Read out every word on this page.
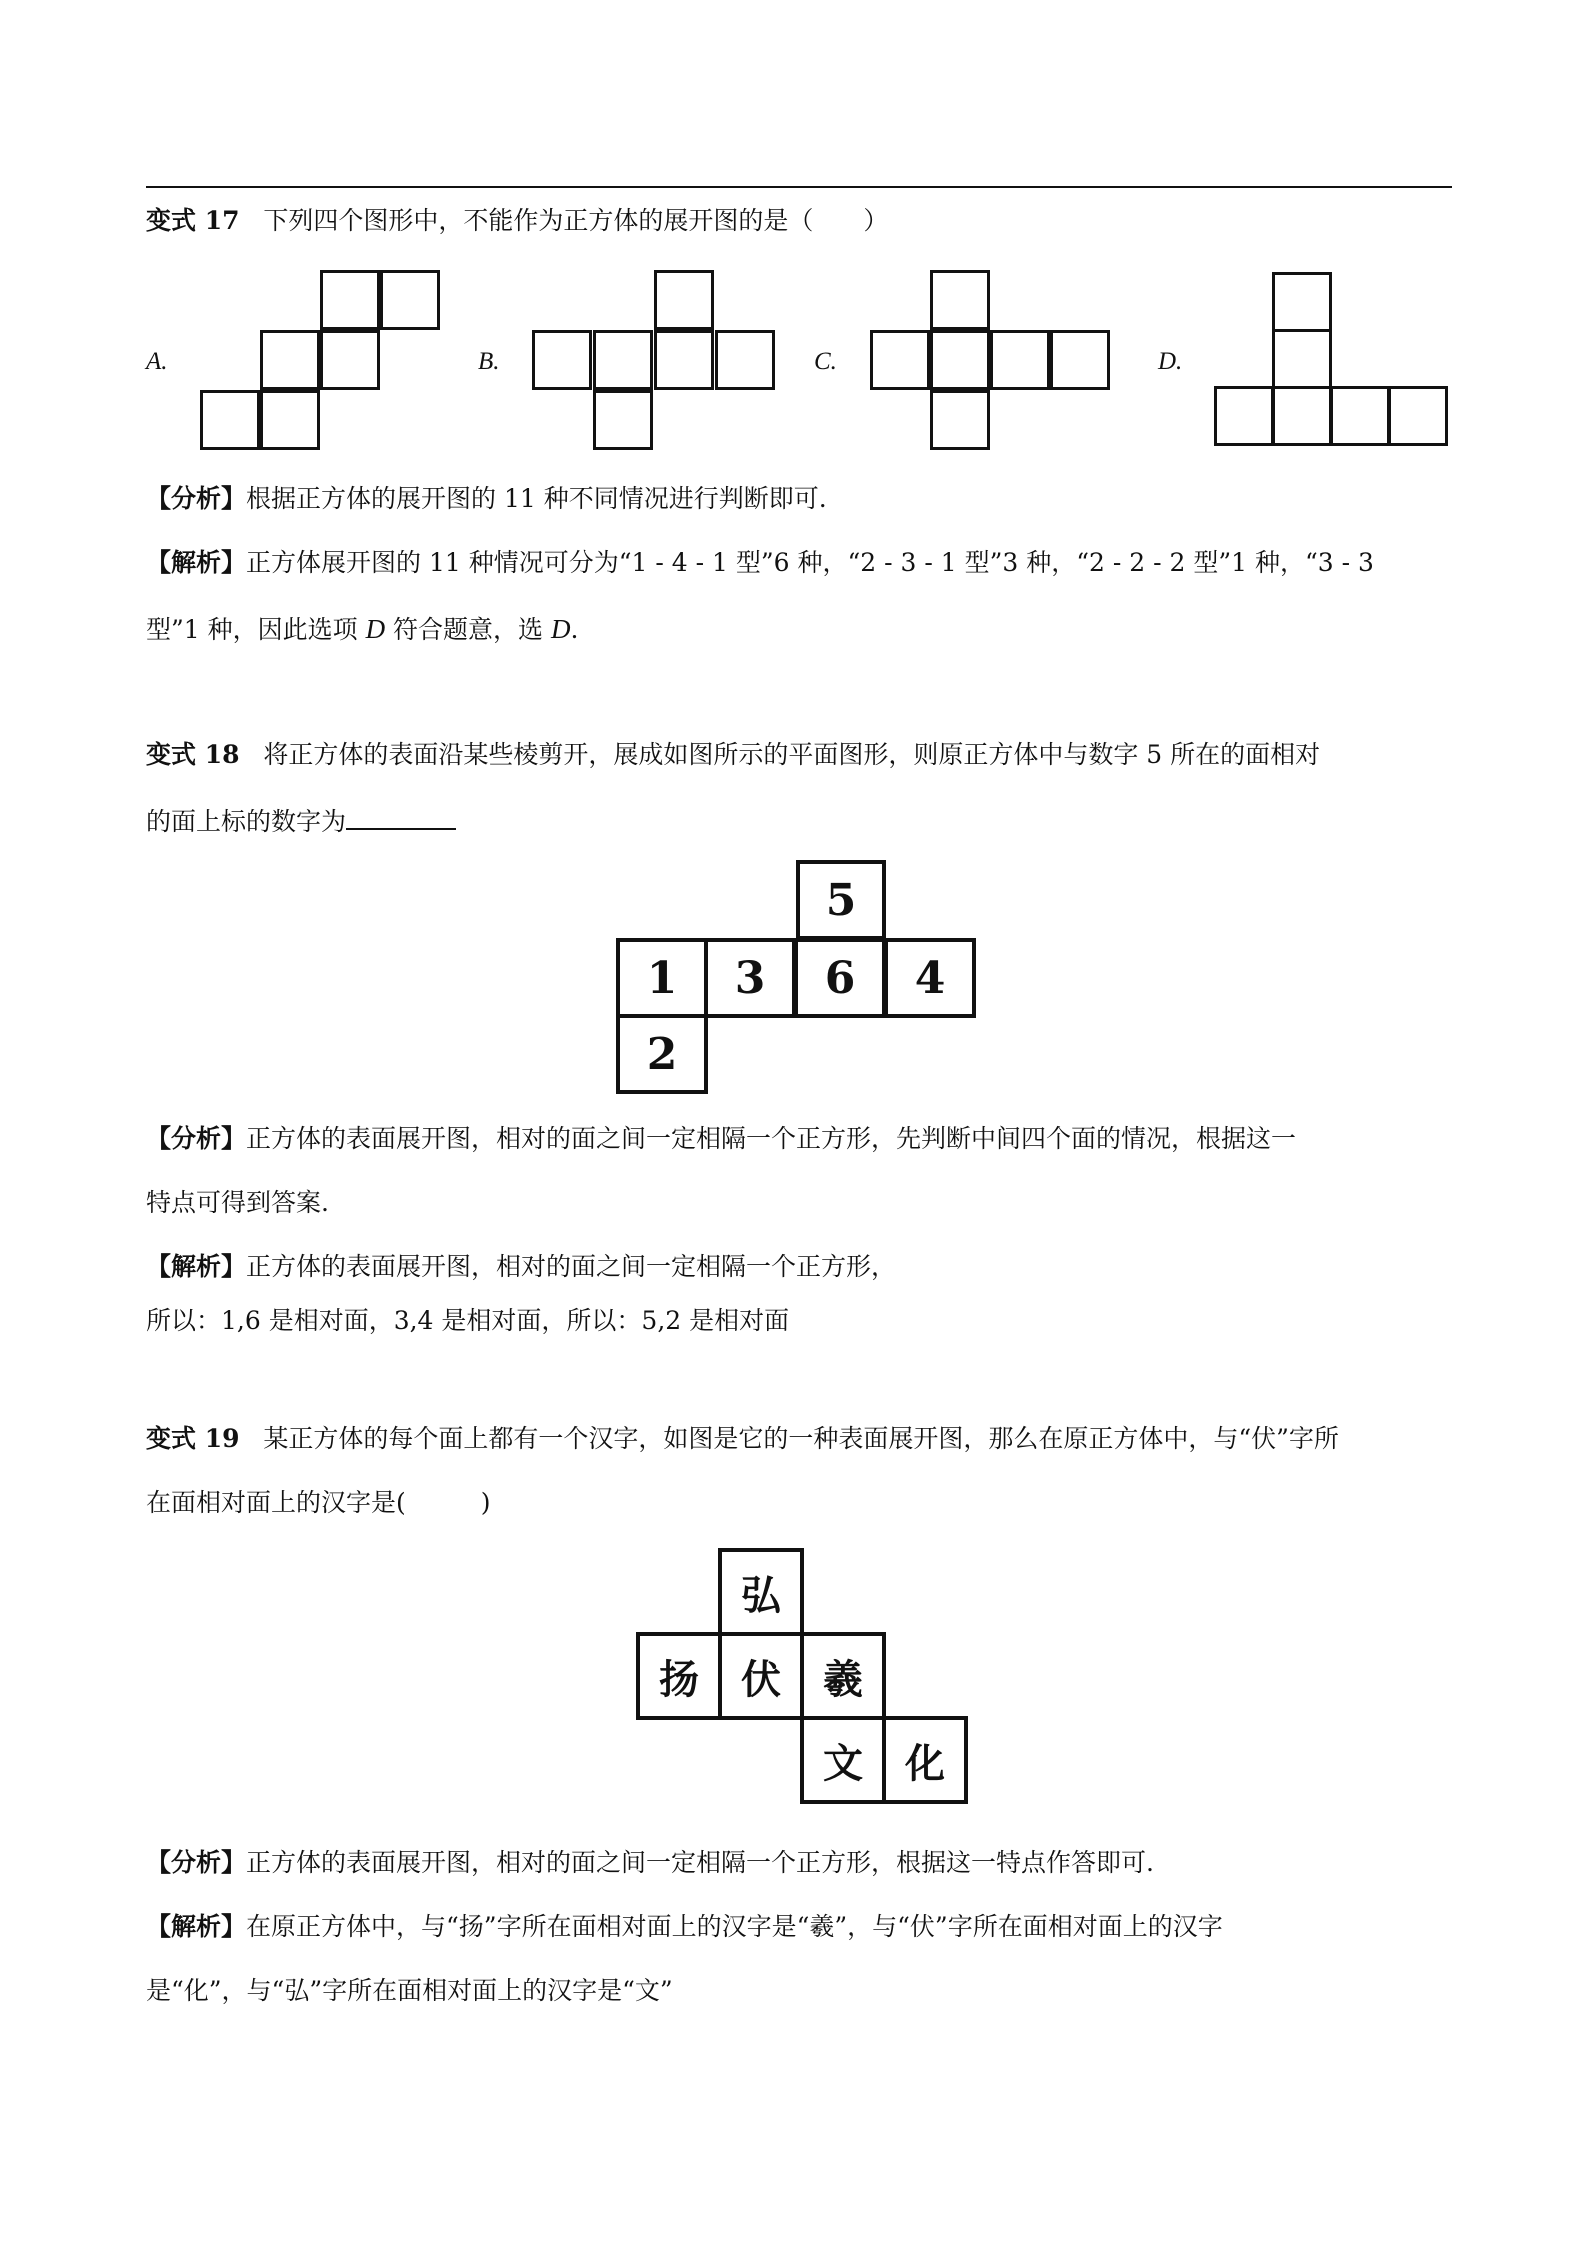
变式 17 下列四个图形中，不能作为正方体的展开图的是（　　）
A.	B.	C.	D.
【分析】根据正方体的展开图的 11 种不同情况进行判断即可.
【解析】正方体展开图的 11 种情况可分为“1 - 4 - 1 型”6 种，“2 - 3 - 1 型”3 种，“2 - 2 - 2 型”1 种，“3 - 3
型”1 种，因此选项 D 符合题意，选 D.
变式 18 将正方体的表面沿某些棱剪开，展成如图所示的平面图形，则原正方体中与数字 5 所在的面相对
的面上标的数字为
5
1	3	6	4
2
【分析】正方体的表面展开图，相对的面之间一定相隔一个正方形，先判断中间四个面的情况，根据这一
特点可得到答案.
【解析】正方体的表面展开图，相对的面之间一定相隔一个正方形，
所以：1,6 是相对面，3,4 是相对面，所以：5,2 是相对面
变式 19 某正方体的每个面上都有一个汉字，如图是它的一种表面展开图，那么在原正方体中，与“伏”字所
在面相对面上的汉字是(　　　)
弘
扬	伏	羲
文	化
【分析】正方体的表面展开图，相对的面之间一定相隔一个正方形，根据这一特点作答即可.
【解析】在原正方体中，与“扬”字所在面相对面上的汉字是“羲”，与“伏”字所在面相对面上的汉字
是“化”，与“弘”字所在面相对面上的汉字是“文”
